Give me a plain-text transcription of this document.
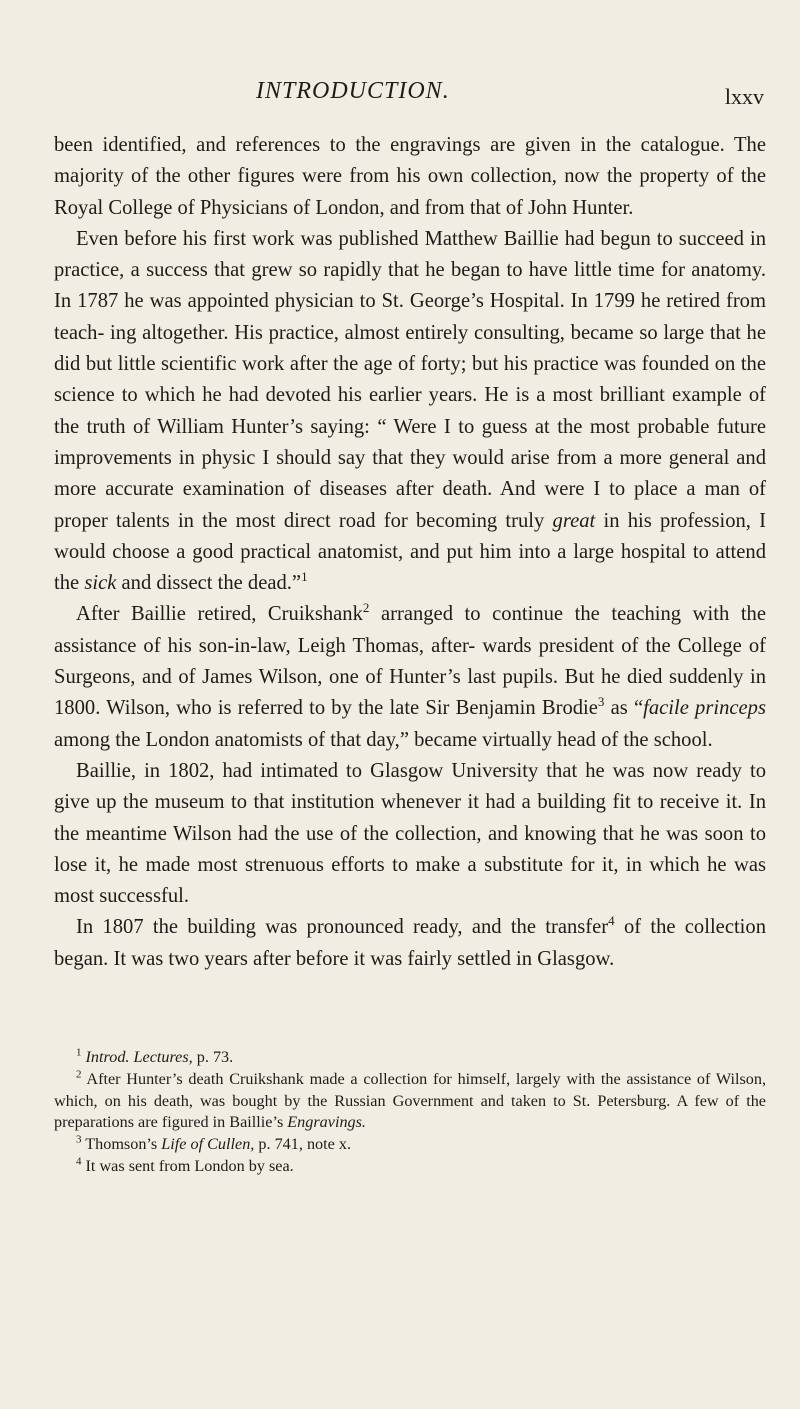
INTRODUCTION.	lxxv

been identified, and references to the engravings are given in the catalogue. The majority of the other figures were from his own collection, now the property of the Royal College of Physicians of London, and from that of John Hunter.

Even before his first work was published Matthew Baillie had begun to succeed in practice, a success that grew so rapidly that he began to have little time for anatomy. In 1787 he was appointed physician to St. George’s Hospital. In 1799 he retired from teach- ing altogether. His practice, almost entirely consulting, became so large that he did but little scientific work after the age of forty; but his practice was founded on the science to which he had devoted his earlier years. He is a most brilliant example of the truth of William Hunter’s saying: “ Were I to guess at the most probable future improvements in physic I should say that they would arise from a more general and more accurate examination of diseases after death. And were I to place a man of proper talents in the most direct road for becoming truly great in his profession, I would choose a good practical anatomist, and put him into a large hospital to attend the sick and dissect the dead.”$^1$

After Baillie retired, Cruikshank$^2$ arranged to continue the teaching with the assistance of his son-in-law, Leigh Thomas, after- wards president of the College of Surgeons, and of James Wilson, one of Hunter’s last pupils. But he died suddenly in 1800. Wilson, who is referred to by the late Sir Benjamin Brodie$^3$ as “facile princeps among the London anatomists of that day,” became virtually head of the school.

Baillie, in 1802, had intimated to Glasgow University that he was now ready to give up the museum to that institution whenever it had a building fit to receive it. In the meantime Wilson had the use of the collection, and knowing that he was soon to lose it, he made most strenuous efforts to make a substitute for it, in which he was most successful.

In 1807 the building was pronounced ready, and the transfer$^4$ of the collection began. It was two years after before it was fairly settled in Glasgow.

$^1$ Introd. Lectures, p. 73.

$^2$ After Hunter’s death Cruikshank made a collection for himself, largely with the assistance of Wilson, which, on his death, was bought by the Russian Government and taken to St. Petersburg. A few of the preparations are figured in Baillie’s Engravings.

$^3$ Thomson’s Life of Cullen, p. 741, note x.

$^4$ It was sent from London by sea.
